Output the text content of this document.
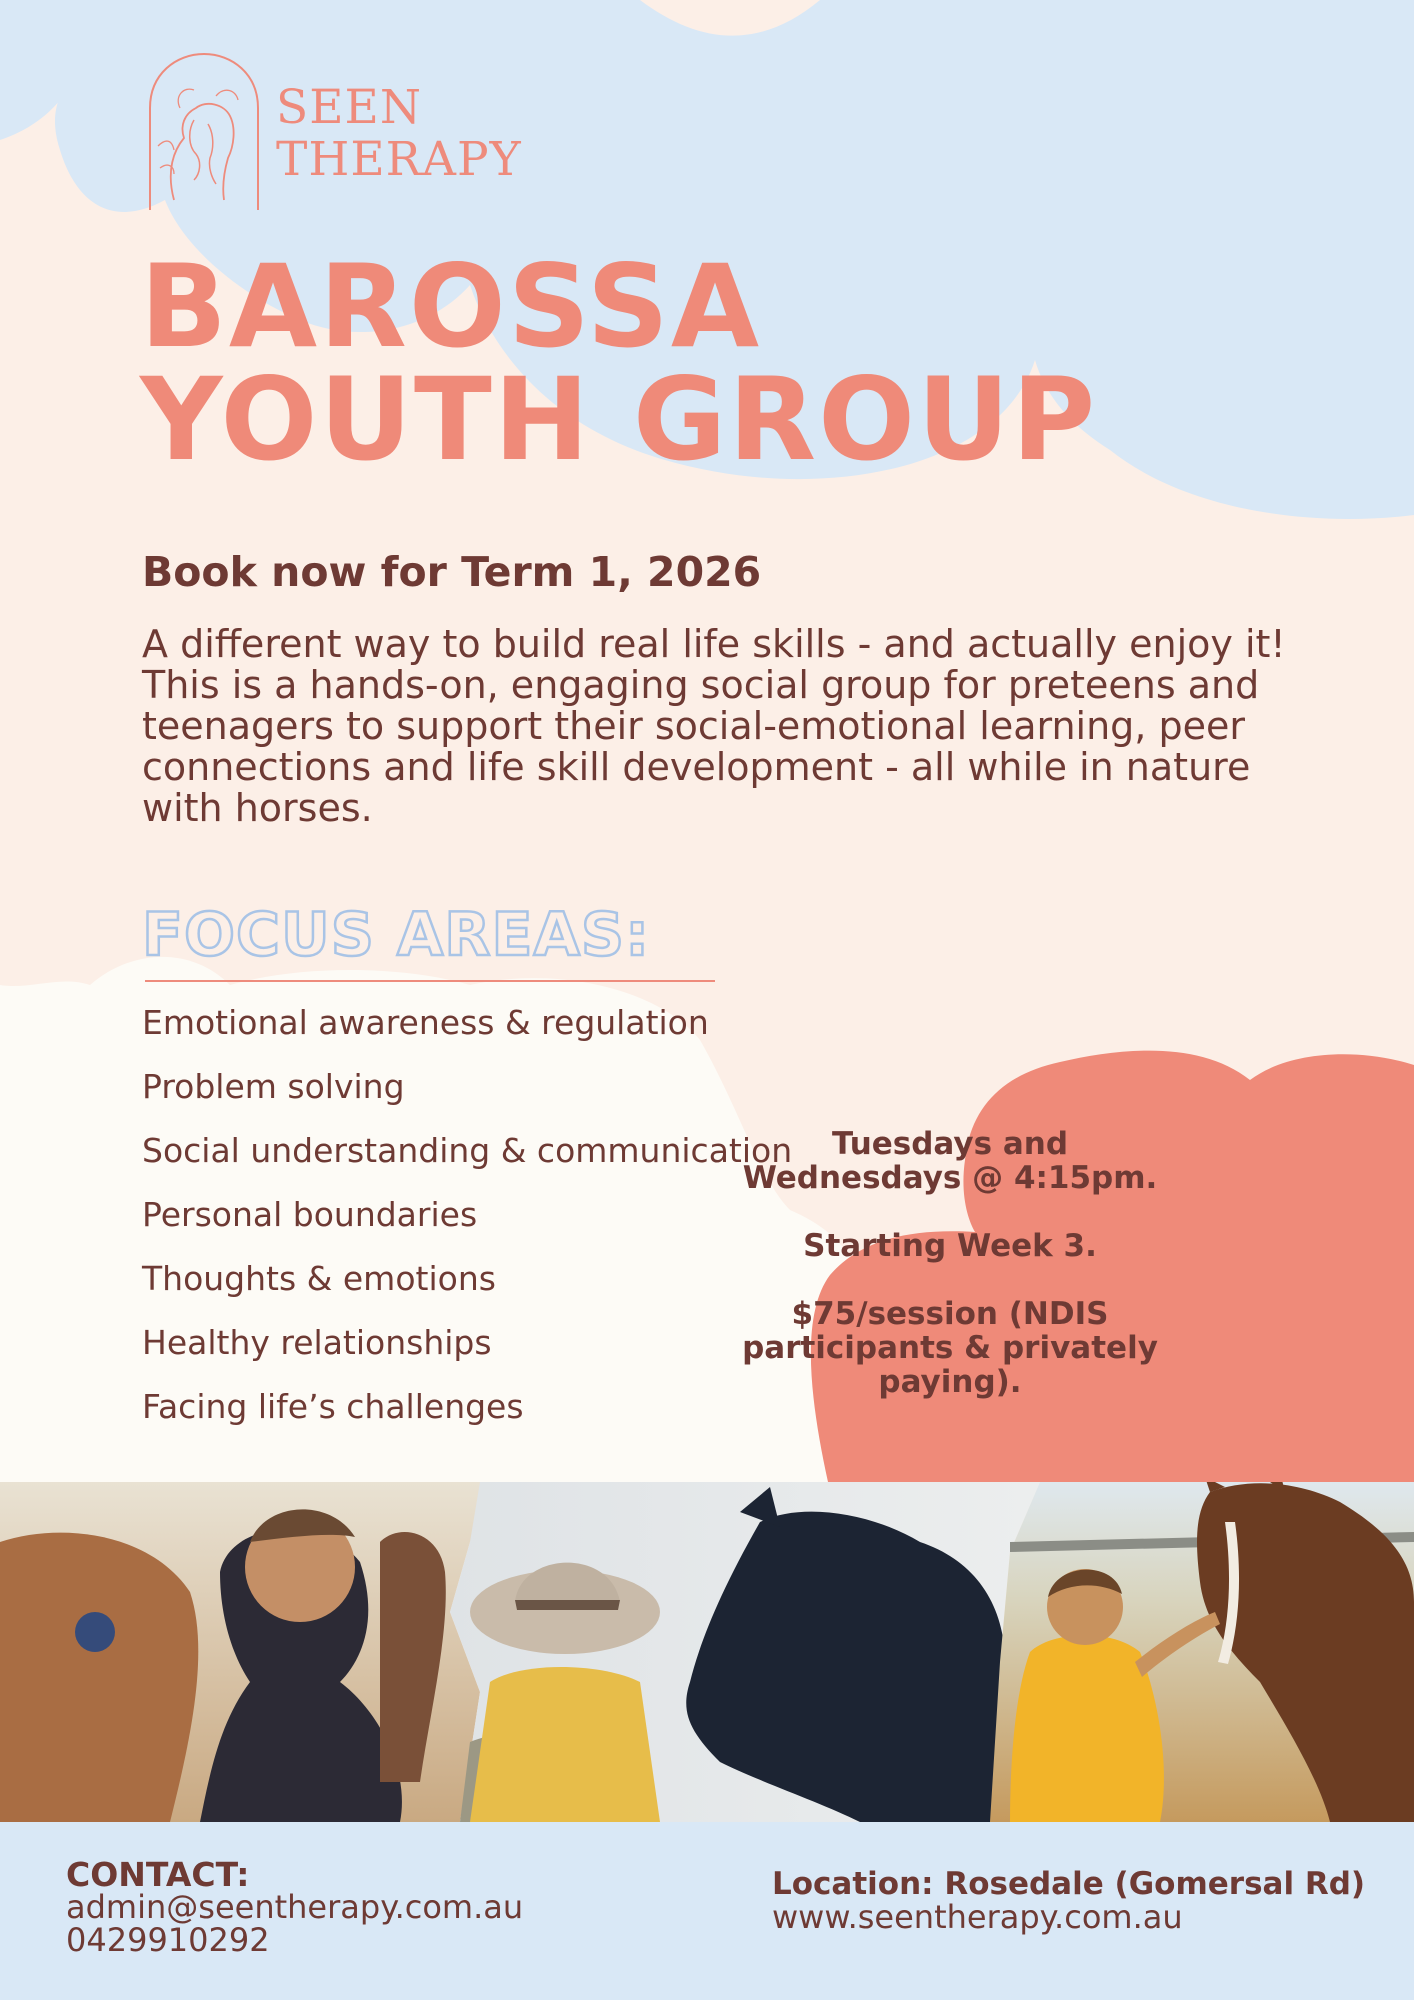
SEEN
THERAPY
BAROSSA
YOUTH GROUP
Book now for Term 1, 2026

A different way to build real life skills - and actually enjoy it! This is a hands-on, engaging social group for preteens and teenagers to support their social-emotional learning, peer connections and life skill development - all while in nature with horses.

FOCUS AREAS:
Emotional awareness & regulation
Problem solving
Social understanding & communication
Personal boundaries
Thoughts & emotions
Healthy relationships
Facing life’s challenges

Tuesdays and Wednesdays @ 4:15pm.

Starting Week 3.

$75/session (NDIS participants & privately paying).

CONTACT:
admin@seentherapy.com.au
0429910292
Location: Rosedale (Gomersal Rd)
www.seentherapy.com.au
